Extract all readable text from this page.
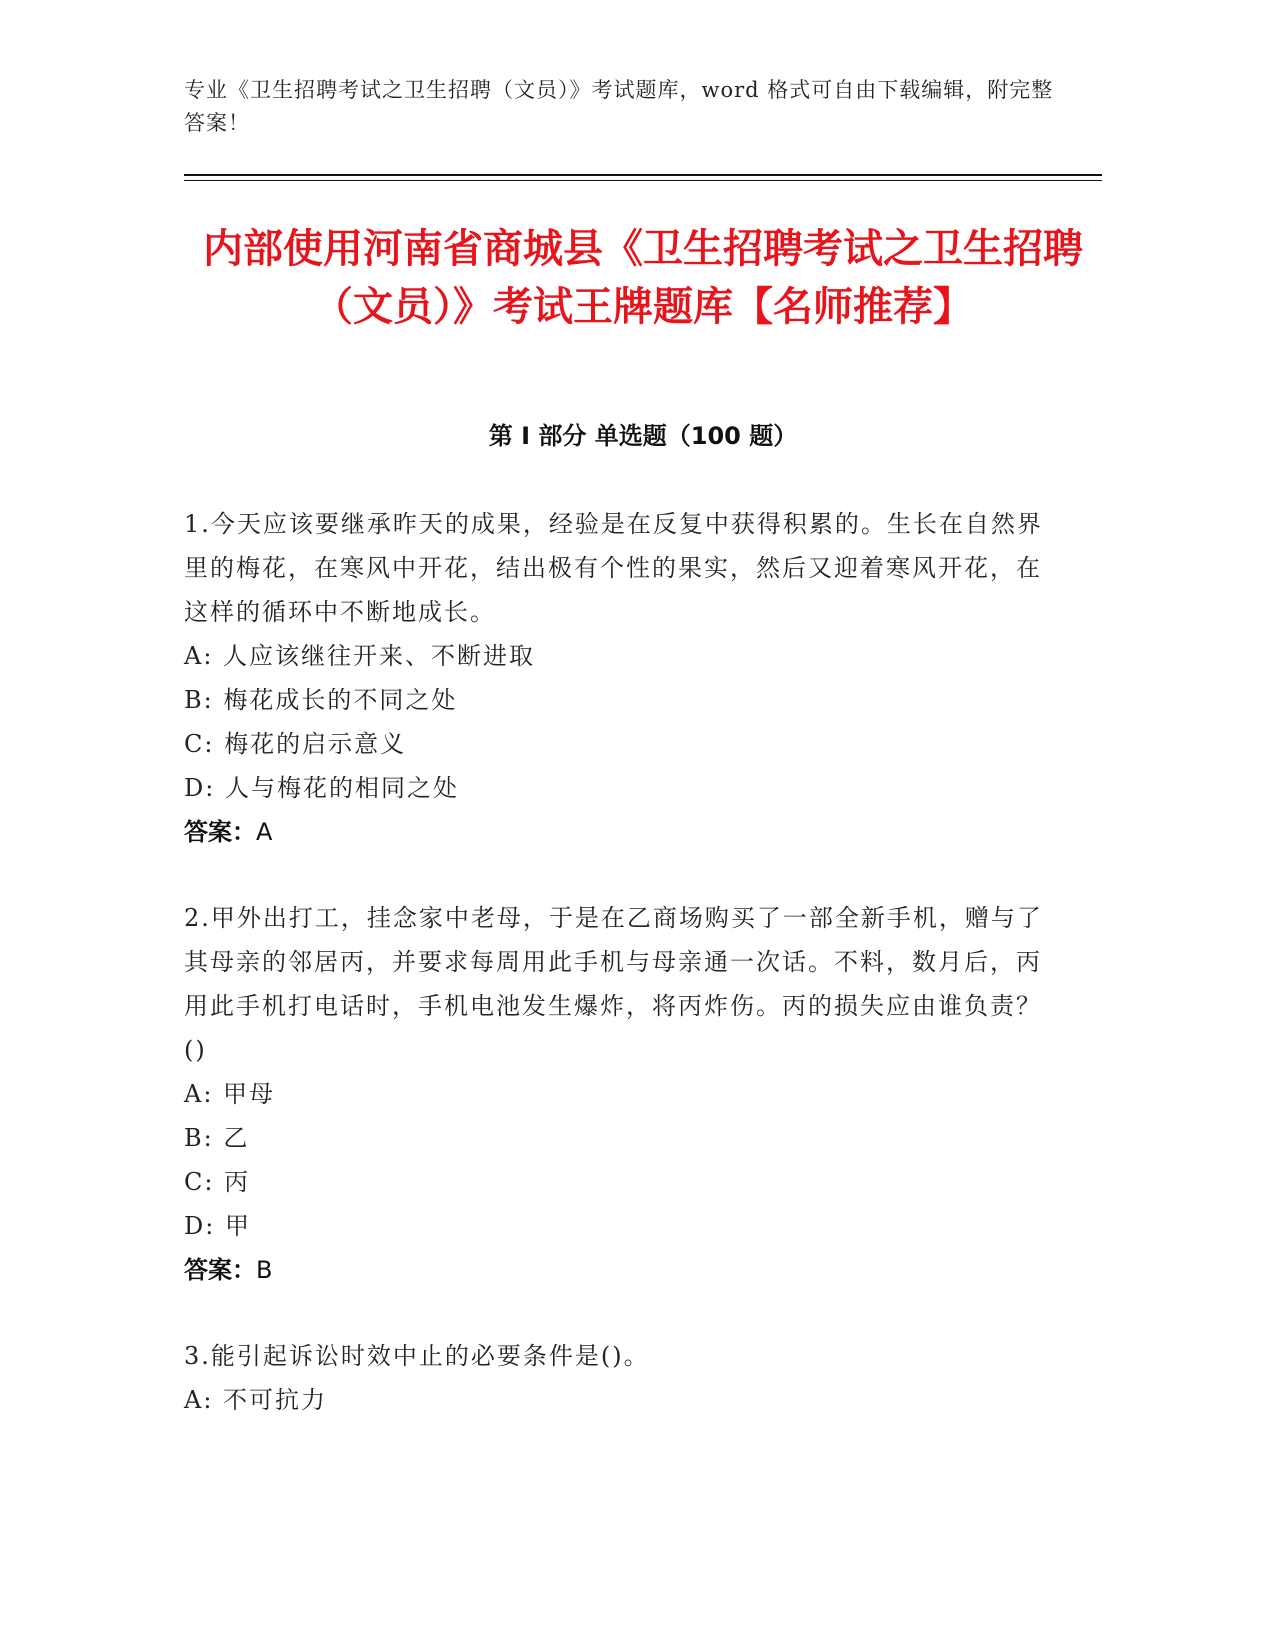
专业《卫生招聘考试之卫生招聘（文员）》考试题库，word 格式可自由下载编辑，附完整答案！
内部使用河南省商城县《卫生招聘考试之卫生招聘（文员）》考试王牌题库【名师推荐】
第 I 部分 单选题（100 题）

1.今天应该要继承昨天的成果，经验是在反复中获得积累的。生长在自然界里的梅花，在寒风中开花，结出极有个性的果实，然后又迎着寒风开花，在这样的循环中不断地成长。

A: 人应该继往开来、不断进取

B: 梅花成长的不同之处

C: 梅花的启示意义

D: 人与梅花的相同之处

答案：A

2.甲外出打工，挂念家中老母，于是在乙商场购买了一部全新手机，赠与了其母亲的邻居丙，并要求每周用此手机与母亲通一次话。不料，数月后，丙用此手机打电话时，手机电池发生爆炸，将丙炸伤。丙的损失应由谁负责？()

A: 甲母

B: 乙

C: 丙

D: 甲

答案：B

3.能引起诉讼时效中止的必要条件是()。

A: 不可抗力
